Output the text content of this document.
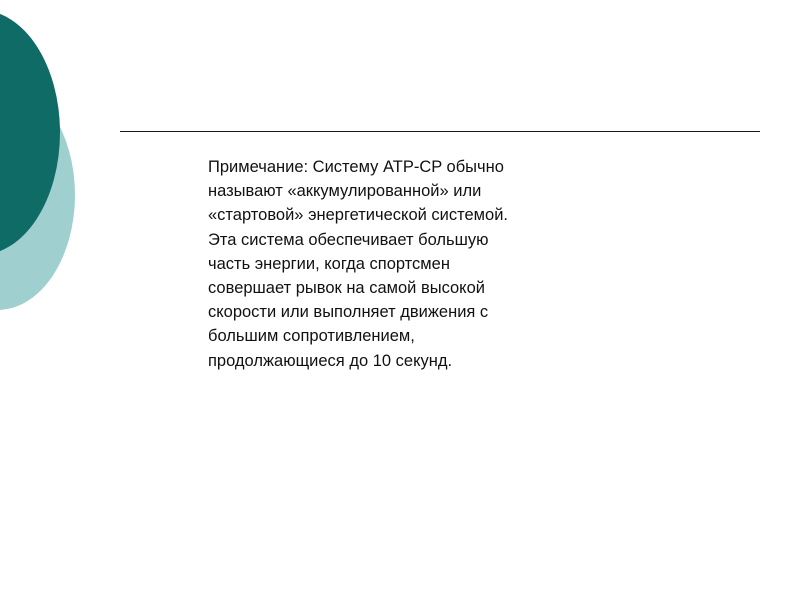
Примечание: Систему ATP-CP обычно
называют «аккумулированной» или
«стартовой» энергетической системой.
Эта система обеспечивает большую
часть энергии, когда спортсмен
совершает рывок на самой высокой
скорости или выполняет движения с
большим сопротивлением,
продолжающиеся до 10 секунд.
